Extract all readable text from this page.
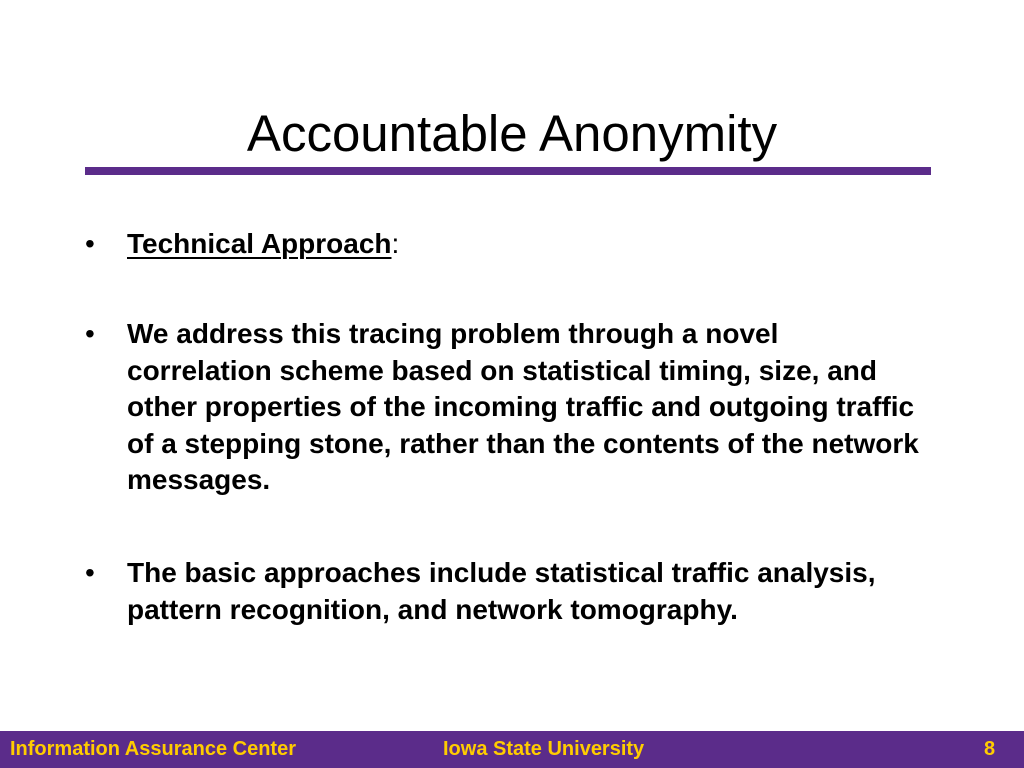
Accountable Anonymity
• Technical Approach:
• We address this tracing problem through a novel correlation scheme based on statistical timing, size, and other properties of the incoming traffic and outgoing traffic of a stepping stone, rather than the contents of the network messages.
• The basic approaches include statistical traffic analysis, pattern recognition, and network tomography.
Information Assurance Center	Iowa State University	8
